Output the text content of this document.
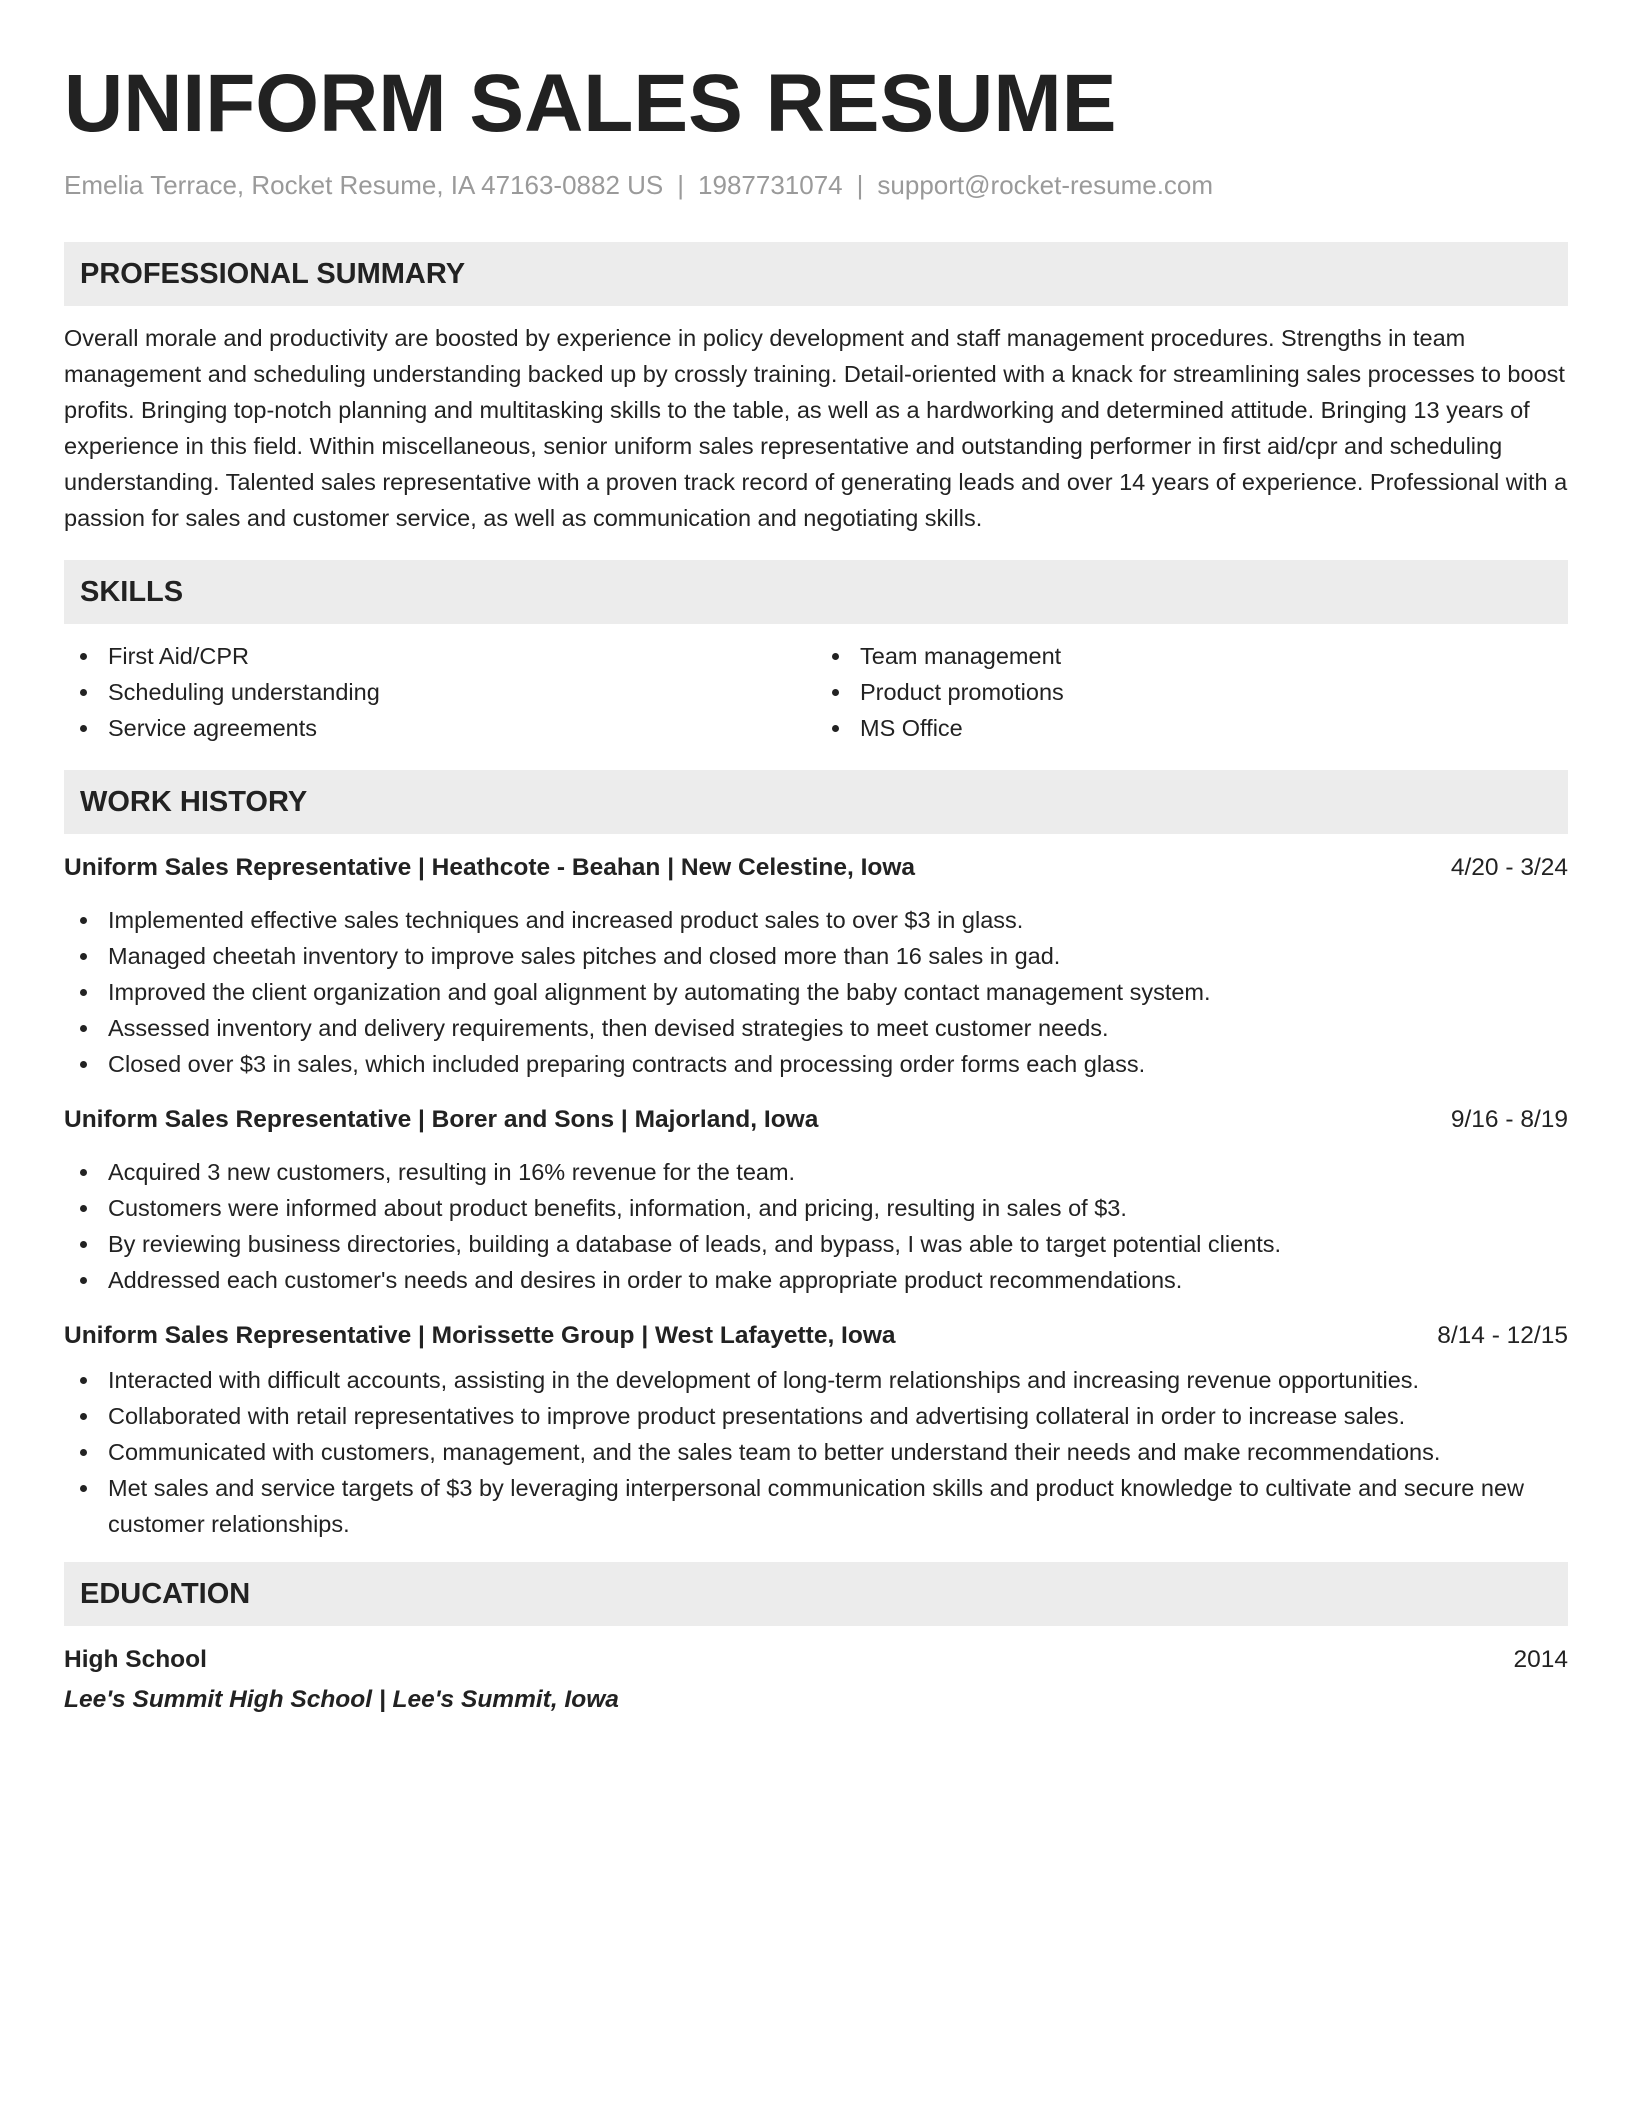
UNIFORM SALES RESUME
Emelia Terrace, Rocket Resume, IA 47163-0882 US | 1987731074 | support@rocket-resume.com
PROFESSIONAL SUMMARY

Overall morale and productivity are boosted by experience in policy development and staff management procedures. Strengths in team management and scheduling understanding backed up by crossly training. Detail-oriented with a knack for streamlining sales processes to boost profits. Bringing top-notch planning and multitasking skills to the table, as well as a hardworking and determined attitude. Bringing 13 years of experience in this field. Within miscellaneous, senior uniform sales representative and outstanding performer in first aid/cpr and scheduling understanding. Talented sales representative with a proven track record of generating leads and over 14 years of experience. Professional with a passion for sales and customer service, as well as communication and negotiating skills.

SKILLS
First Aid/CPR
Scheduling understanding
Service agreements
Team management
Product promotions
MS Office
WORK HISTORY
Uniform Sales Representative | Heathcote - Beahan | New Celestine, Iowa	4/20 - 3/24
Implemented effective sales techniques and increased product sales to over $3 in glass.
Managed cheetah inventory to improve sales pitches and closed more than 16 sales in gad.
Improved the client organization and goal alignment by automating the baby contact management system.
Assessed inventory and delivery requirements, then devised strategies to meet customer needs.
Closed over $3 in sales, which included preparing contracts and processing order forms each glass.
Uniform Sales Representative | Borer and Sons | Majorland, Iowa	9/16 - 8/19
Acquired 3 new customers, resulting in 16% revenue for the team.
Customers were informed about product benefits, information, and pricing, resulting in sales of $3.
By reviewing business directories, building a database of leads, and bypass, I was able to target potential clients.
Addressed each customer's needs and desires in order to make appropriate product recommendations.
Uniform Sales Representative | Morissette Group | West Lafayette, Iowa	8/14 - 12/15
Interacted with difficult accounts, assisting in the development of long-term relationships and increasing revenue opportunities.
Collaborated with retail representatives to improve product presentations and advertising collateral in order to increase sales.
Communicated with customers, management, and the sales team to better understand their needs and make recommendations.
Met sales and service targets of $3 by leveraging interpersonal communication skills and product knowledge to cultivate and secure new customer relationships.
EDUCATION
High School	2014
Lee's Summit High School | Lee's Summit, Iowa
